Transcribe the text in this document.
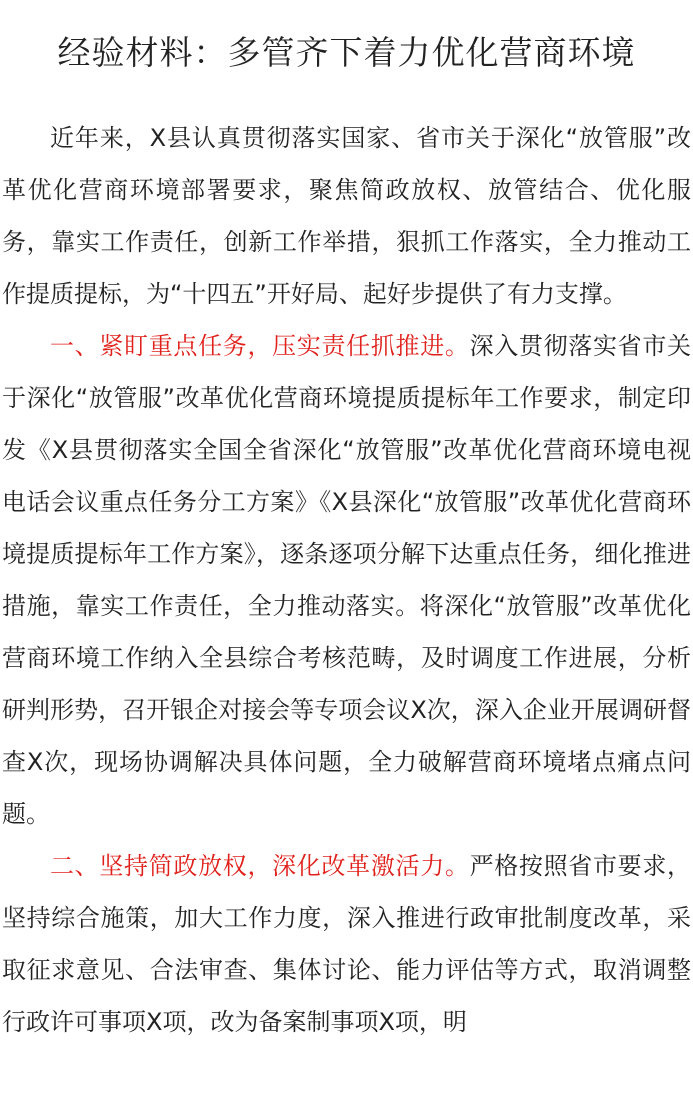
经验材料：多管齐下着力优化营商环境

近年来，X县认真贯彻落实国家、省市关于深化“放管服”改革优化营商环境部署要求，聚焦简政放权、放管结合、优化服务，靠实工作责任，创新工作举措，狠抓工作落实，全力推动工作提质提标，为“十四五”开好局、起好步提供了有力支撑。

一、紧盯重点任务，压实责任抓推进。深入贯彻落实省市关于深化“放管服”改革优化营商环境提质提标年工作要求，制定印发《X县贯彻落实全国全省深化“放管服”改革优化营商环境电视电话会议重点任务分工方案》《X县深化“放管服”改革优化营商环境提质提标年工作方案》，逐条逐项分解下达重点任务，细化推进措施，靠实工作责任，全力推动落实。将深化“放管服”改革优化营商环境工作纳入全县综合考核范畴，及时调度工作进展，分析研判形势，召开银企对接会等专项会议X次，深入企业开展调研督查X次，现场协调解决具体问题，全力破解营商环境堵点痛点问题。

二、坚持简政放权，深化改革激活力。严格按照省市要求，坚持综合施策，加大工作力度，深入推进行政审批制度改革，采取征求意见、合法审查、集体讨论、能力评估等方式，取消调整行政许可事项X项，改为备案制事项X项，明
